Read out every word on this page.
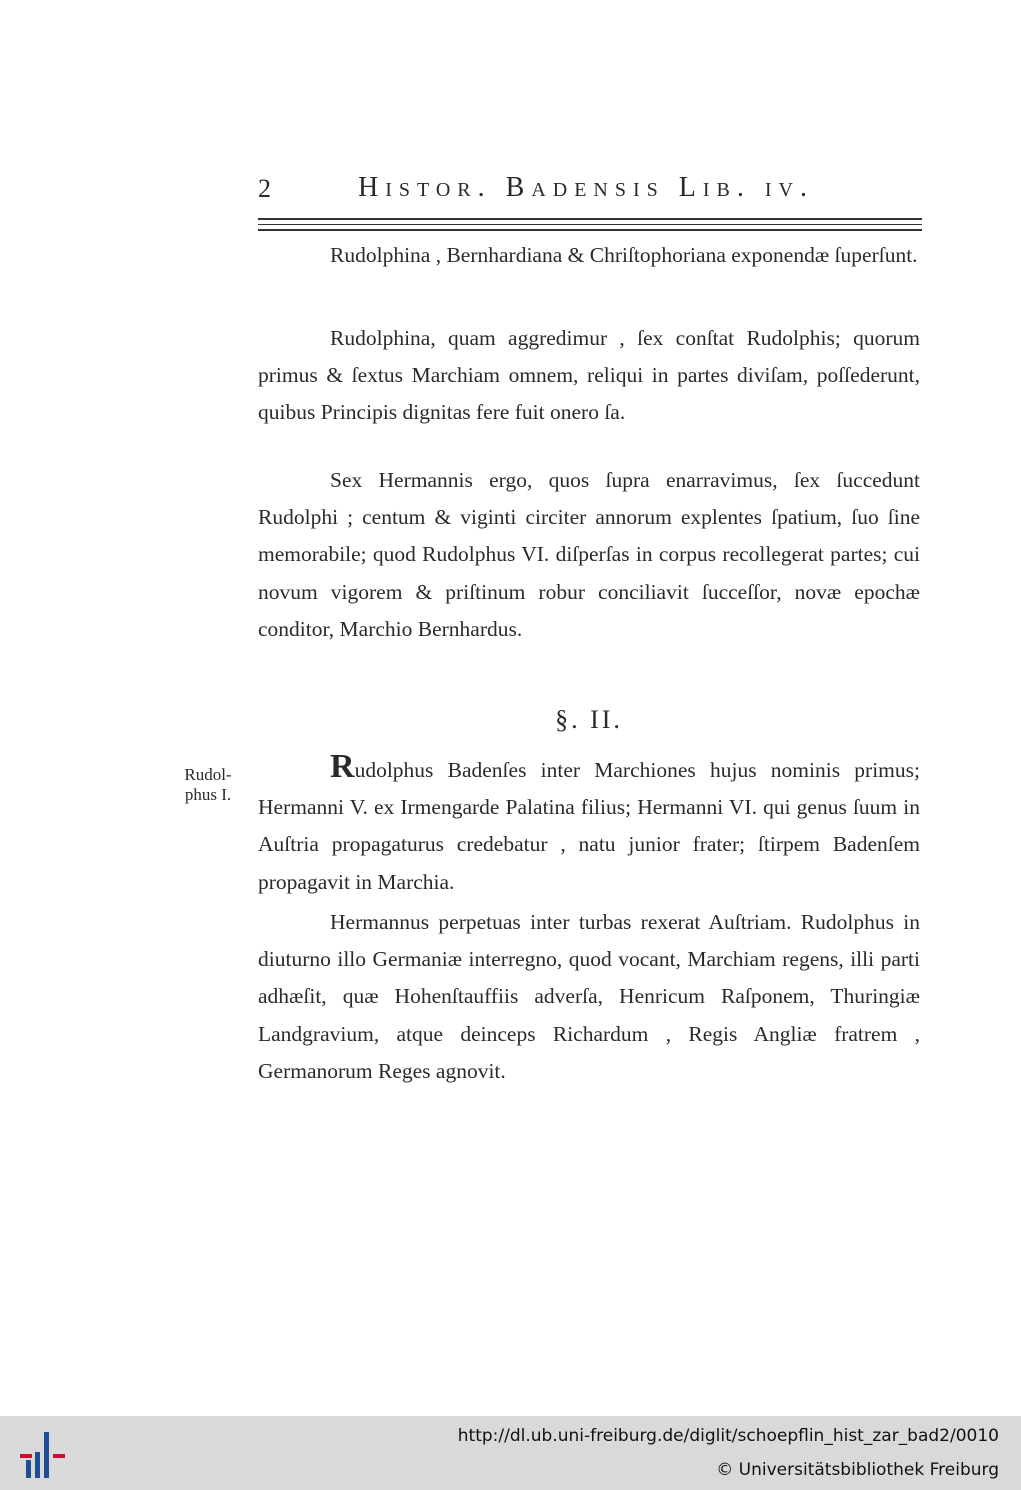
2	Histor. Badensis Lib. iv.

Rudolphina , Bernhardiana & Chriſtophoriana exponendæ ſuperſunt.

Rudolphina, quam aggredimur , ſex conſtat Rudolphis; quorum primus & ſextus Marchiam omnem, reliqui in partes diviſam, poſſederunt, quibus Principis dignitas fere fuit onero ſa.

Sex Hermannis ergo, quos ſupra enarravimus, ſex ſuccedunt Rudolphi ; centum & viginti circiter annorum explentes ſpatium, ſuo ſine memorabile; quod Rudolphus VI. diſperſas in corpus recollegerat partes; cui novum vigorem & priſtinum robur conciliavit ſucceſſor, novæ epochæ conditor, Marchio Bernhardus.

§. II.
Rudol-
phus I.

Rudolphus Badenſes inter Marchiones hujus nominis primus; Hermanni V. ex Irmengarde Palatina filius; Hermanni VI. qui genus ſuum in Auſtria propagaturus credebatur , natu junior frater; ſtirpem Badenſem propagavit in Marchia.

Hermannus perpetuas inter turbas rexerat Auſtriam. Rudolphus in diuturno illo Germaniæ interregno, quod vocant, Marchiam regens, illi parti adhæſit, quæ Hohenſtauffiis adverſa, Henricum Raſponem, Thuringiæ Landgravium, atque deinceps Richardum , Regis Angliæ fratrem , Germanorum Reges agnovit.

http://dl.ub.uni-freiburg.de/diglit/schoepflin_hist_zar_bad2/0010
© Universitätsbibliothek Freiburg
